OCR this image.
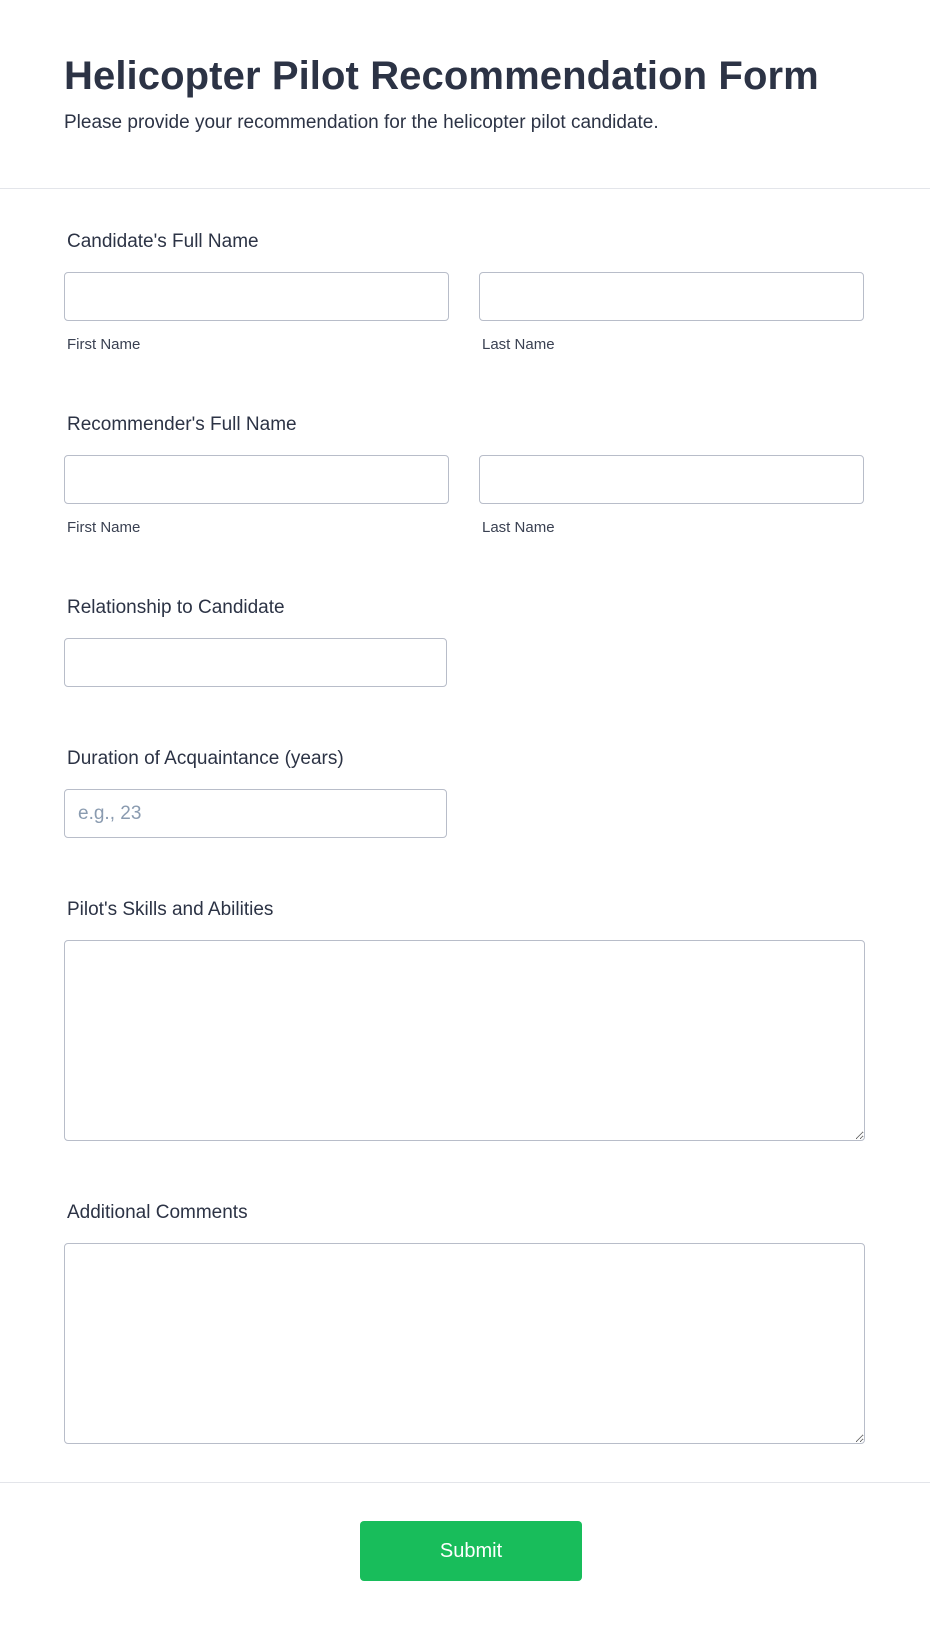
Helicopter Pilot Recommendation Form

Please provide your recommendation for the helicopter pilot candidate.

Candidate's Full Name
First Name	Last Name
Recommender's Full Name
First Name	Last Name
Relationship to Candidate
Duration of Acquaintance (years)
e.g., 23
Pilot's Skills and Abilities
Additional Comments
Submit
